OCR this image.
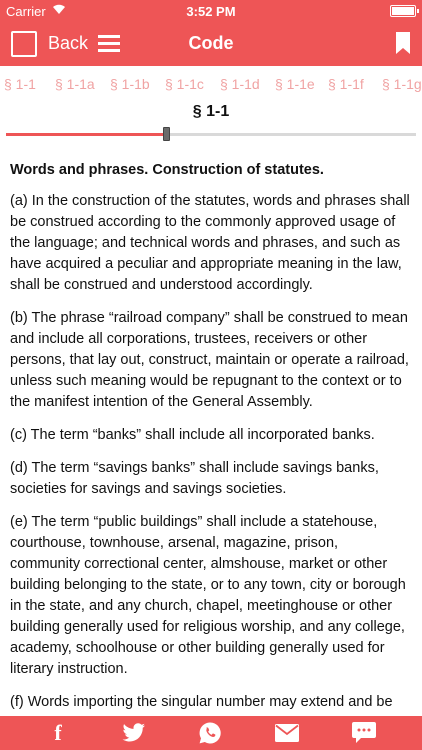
Carrier	3:52 PM
Back	Code
§ 1-1 § 1-1a § 1-1b § 1-1c § 1-1d § 1-1e § 1-1f § 1-1g
§ 1-1
Words and phrases. Construction of statutes.

(a) In the construction of the statutes, words and phrases shall be construed according to the commonly approved usage of the language; and technical words and phrases, and such as have acquired a peculiar and appropriate meaning in the law, shall be construed and understood accordingly.

(b) The phrase “railroad company” shall be construed to mean and include all corporations, trustees, receivers or other persons, that lay out, construct, maintain or operate a railroad, unless such meaning would be repugnant to the context or to the manifest intention of the General Assembly.

(c) The term “banks” shall include all incorporated banks.

(d) The term “savings banks” shall include savings banks, societies for savings and savings societies.

(e) The term “public buildings” shall include a statehouse, courthouse, townhouse, arsenal, magazine, prison, community correctional center, almshouse, market or other building belonging to the state, or to any town, city or borough in the state, and any church, chapel, meetinghouse or other building generally used for religious worship, and any college, academy, schoolhouse or other building generally used for literary instruction.

(f) Words importing the singular number may extend and be

f
